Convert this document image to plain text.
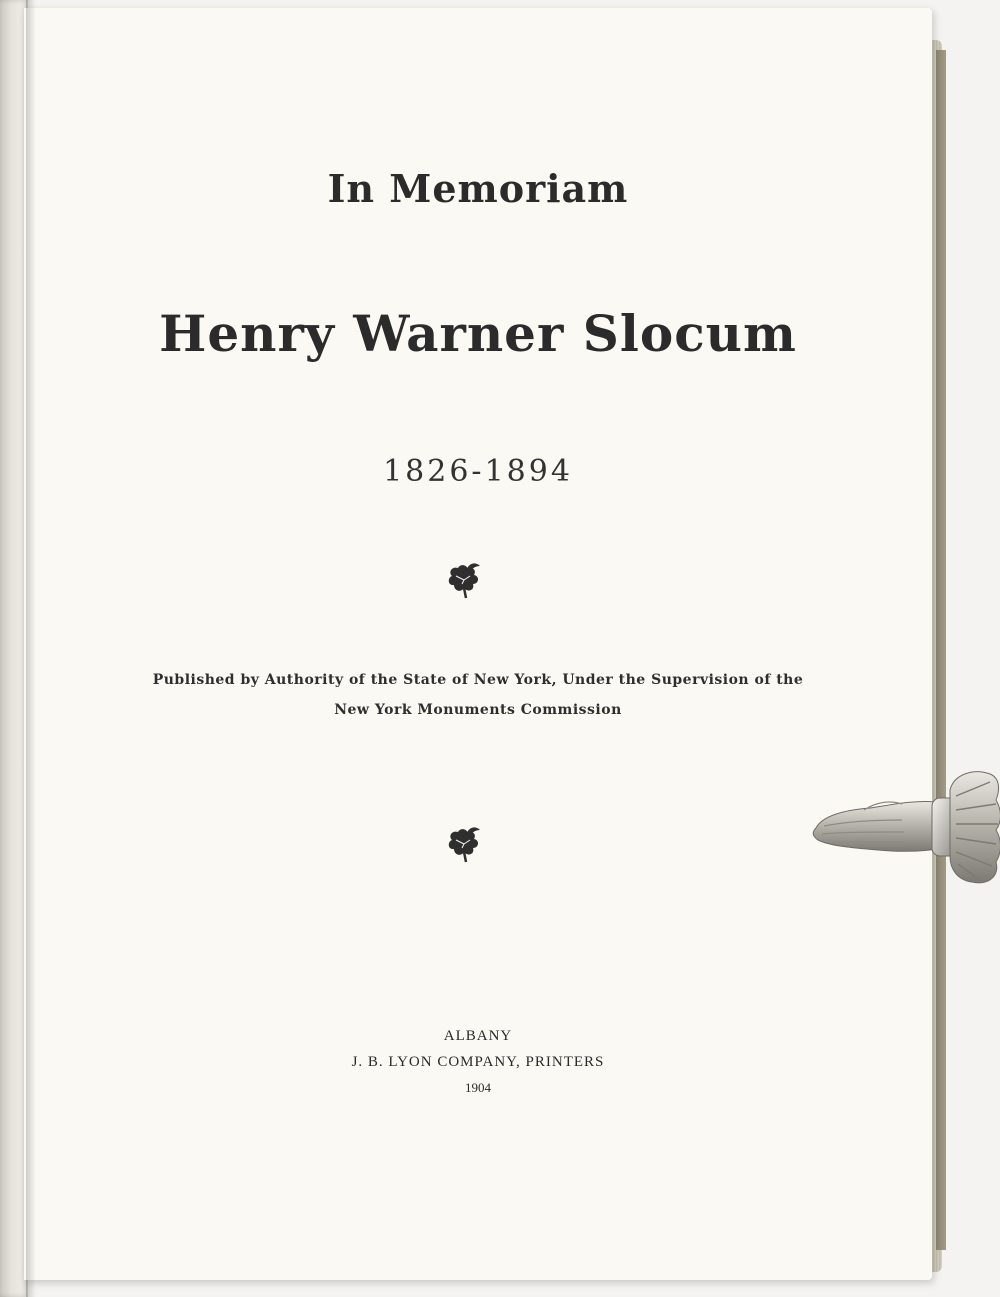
In Memoriam
Henry Warner Slocum
1826-1894
Published by Authority of the State of New York, Under the Supervision of the
New York Monuments Commission
ALBANY
J. B. LYON COMPANY, PRINTERS
1904
